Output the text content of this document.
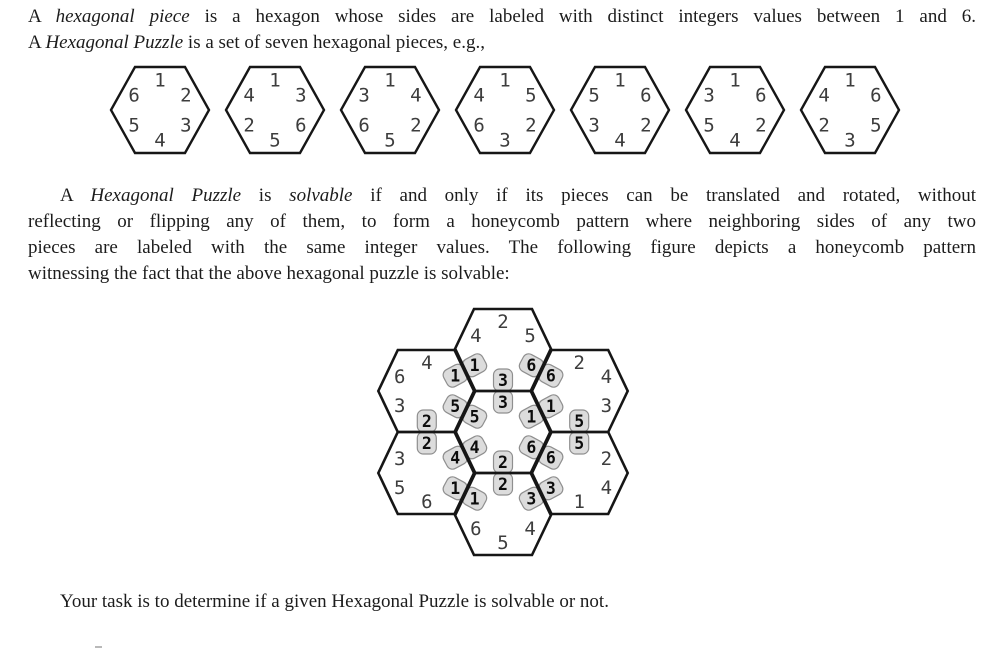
A hexagonal piece is a hexagon whose sides are labeled with distinct integers values between 1 and 6.
A Hexagonal Puzzle is a set of seven hexagonal pieces, e.g.,
1
2
3
4
5
6
1
3
6
5
2
4
1
4
2
5
6
3
1
5
2
3
6
4
1
6
2
4
3
5
1
6
2
4
5
3
1
6
5
3
2
4
A Hexagonal Puzzle is solvable if and only if its pieces can be translated and rotated, without
reflecting or flipping any of them, to form a honeycomb pattern where neighboring sides of any two
pieces are labeled with the same integer values. The following figure depicts a honeycomb pattern
witnessing the fact that the above hexagonal puzzle is solvable:
2
4 5
4
6
3
2
4
3
3
5
6
2
4
1
6
5
4
1
1 3
3
6
6
5
5
1
1
2
2
5
5
4
4
6
6
2
2
1
1
3
3
Your task is to determine if a given Hexagonal Puzzle is solvable or not.
